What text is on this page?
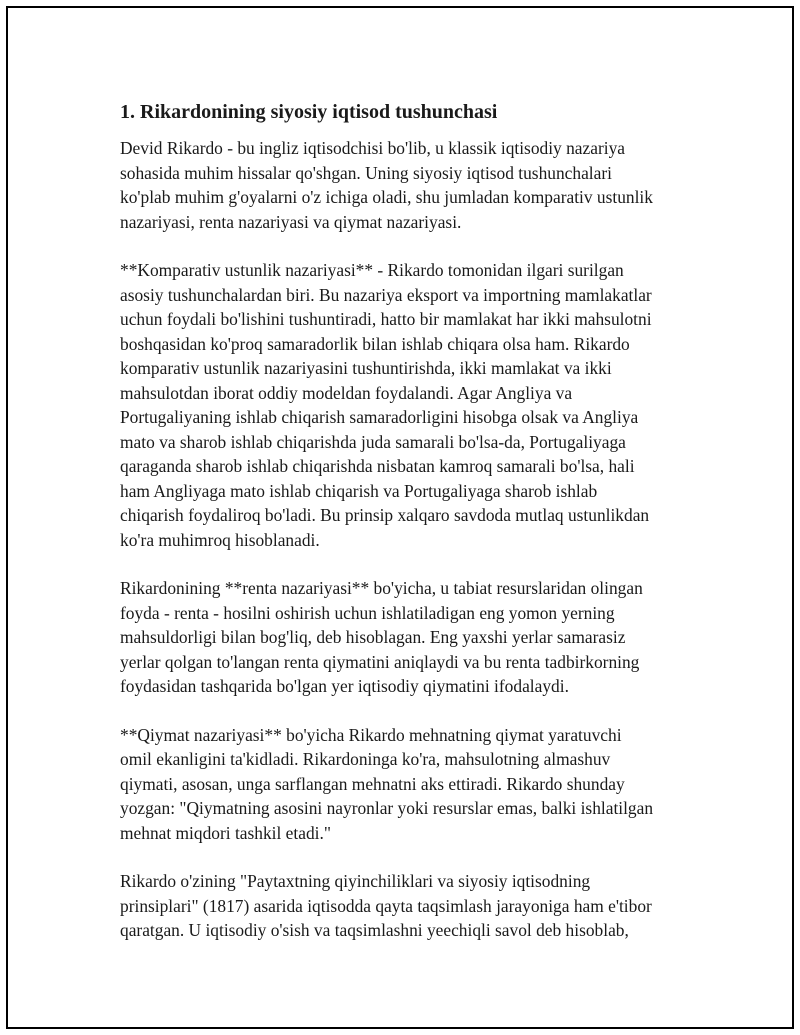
1. Rikardonining siyosiy iqtisod tushunchasi

Devid Rikardo - bu ingliz iqtisodchisi bo'lib, u klassik iqtisodiy nazariya
sohasida muhim hissalar qo'shgan. Uning siyosiy iqtisod tushunchalari
ko'plab muhim g'oyalarni o'z ichiga oladi, shu jumladan komparativ ustunlik
nazariyasi, renta nazariyasi va qiymat nazariyasi.

**Komparativ ustunlik nazariyasi** - Rikardo tomonidan ilgari surilgan
asosiy tushunchalardan biri. Bu nazariya eksport va importning mamlakatlar
uchun foydali bo'lishini tushuntiradi, hatto bir mamlakat har ikki mahsulotni
boshqasidan ko'proq samaradorlik bilan ishlab chiqara olsa ham. Rikardo
komparativ ustunlik nazariyasini tushuntirishda, ikki mamlakat va ikki
mahsulotdan iborat oddiy modeldan foydalandi. Agar Angliya va
Portugaliyaning ishlab chiqarish samaradorligini hisobga olsak va Angliya
mato va sharob ishlab chiqarishda juda samarali bo'lsa-da, Portugaliyaga
qaraganda sharob ishlab chiqarishda nisbatan kamroq samarali bo'lsa, hali
ham Angliyaga mato ishlab chiqarish va Portugaliyaga sharob ishlab
chiqarish foydaliroq bo'ladi. Bu prinsip xalqaro savdoda mutlaq ustunlikdan
ko'ra muhimroq hisoblanadi.

Rikardonining **renta nazariyasi** bo'yicha, u tabiat resurslaridan olingan
foyda - renta - hosilni oshirish uchun ishlatiladigan eng yomon yerning
mahsuldorligi bilan bog'liq, deb hisoblagan. Eng yaxshi yerlar samarasiz
yerlar qolgan to'langan renta qiymatini aniqlaydi va bu renta tadbirkorning
foydasidan tashqarida bo'lgan yer iqtisodiy qiymatini ifodalaydi.

**Qiymat nazariyasi** bo'yicha Rikardo mehnatning qiymat yaratuvchi
omil ekanligini ta'kidladi. Rikardoninga ko'ra, mahsulotning almashuv
qiymati, asosan, unga sarflangan mehnatni aks ettiradi. Rikardo shunday
yozgan: "Qiymatning asosini nayronlar yoki resurslar emas, balki ishlatilgan
mehnat miqdori tashkil etadi."

Rikardo o'zining "Paytaxtning qiyinchiliklari va siyosiy iqtisodning
prinsiplari" (1817) asarida iqtisodda qayta taqsimlash jarayoniga ham e'tibor
qaratgan. U iqtisodiy o'sish va taqsimlashni yeechiqli savol deb hisoblab,
